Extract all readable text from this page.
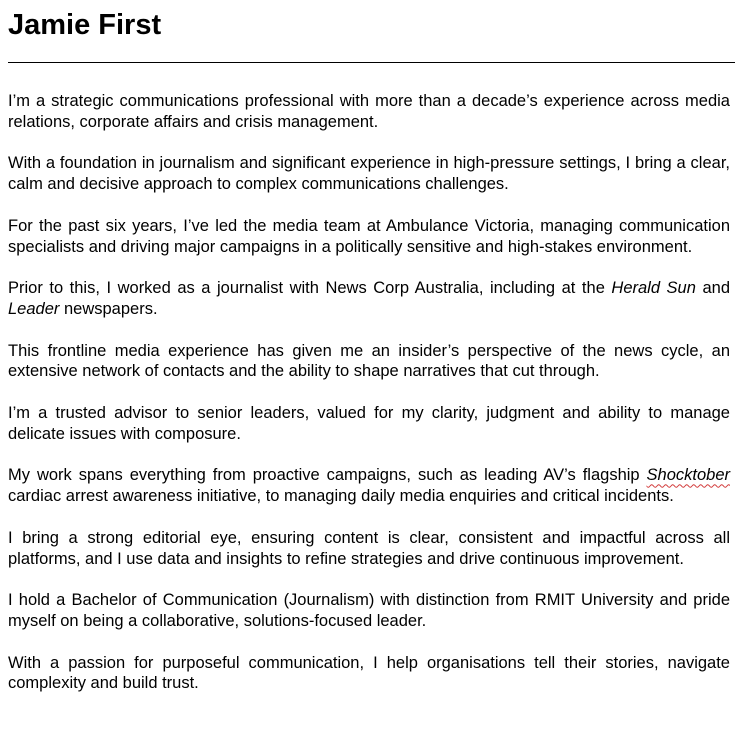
Jamie First

I’m a strategic communications professional with more than a decade’s experience across media relations, corporate affairs and crisis management.

With a foundation in journalism and significant experience in high-pressure settings, I bring a clear, calm and decisive approach to complex communications challenges.

For the past six years, I’ve led the media team at Ambulance Victoria, managing communication specialists and driving major campaigns in a politically sensitive and high-stakes environment.

Prior to this, I worked as a journalist with News Corp Australia, including at the Herald Sun and Leader newspapers.

This frontline media experience has given me an insider’s perspective of the news cycle, an extensive network of contacts and the ability to shape narratives that cut through.

I’m a trusted advisor to senior leaders, valued for my clarity, judgment and ability to manage delicate issues with composure.

My work spans everything from proactive campaigns, such as leading AV’s flagship Shocktober cardiac arrest awareness initiative, to managing daily media enquiries and critical incidents.

I bring a strong editorial eye, ensuring content is clear, consistent and impactful across all platforms, and I use data and insights to refine strategies and drive continuous improvement.

I hold a Bachelor of Communication (Journalism) with distinction from RMIT University and pride myself on being a collaborative, solutions-focused leader.

With a passion for purposeful communication, I help organisations tell their stories, navigate complexity and build trust.
